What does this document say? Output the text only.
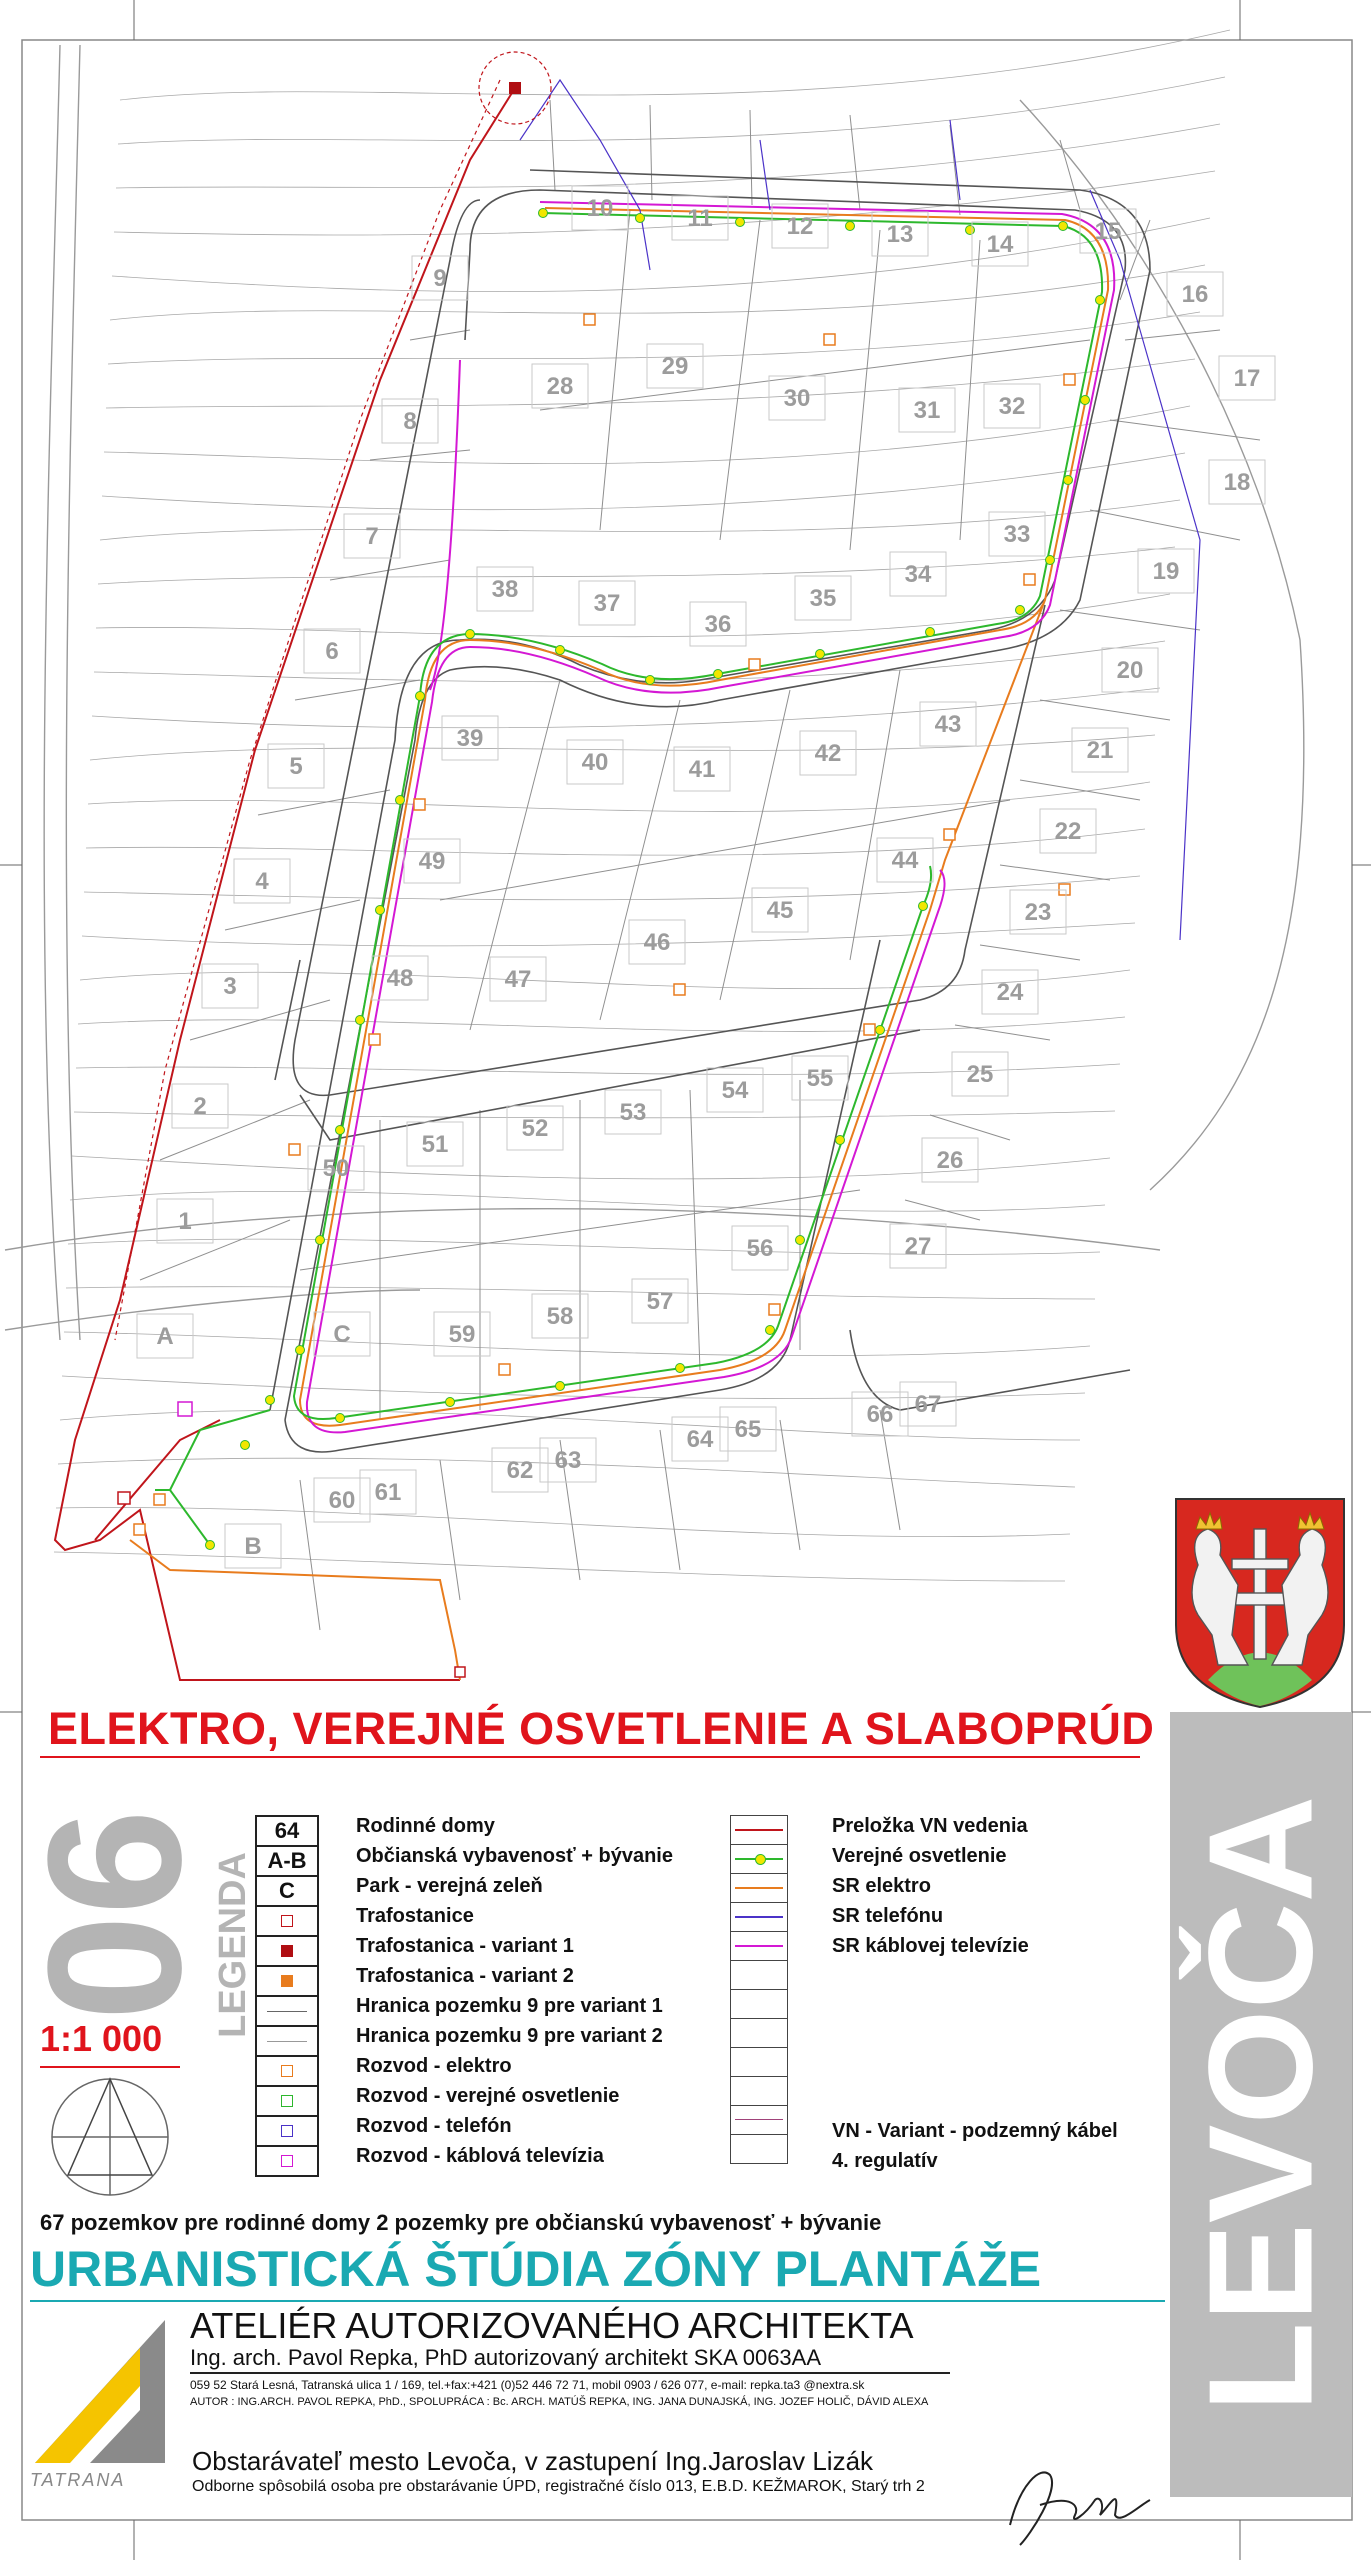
1
2
3
4
5
6
7
8
9
10	11	12	13	14	15
16
17
18
19
20
21
22
23
24
25
26
27
28
29
30	31 32
33
34
35
36
37
38
39
40	41
42
43
44
45
46
47
48
49
50
51
52
53
54 55
56
57
58
59
60 61
62 63
64 65
66 67
A
B
C
LEVOČA
ELEKTRO, VEREJNÉ OSVETLENIE A SLABOPRÚD
06
LEGENDA
1:1 000
64
A-B
C
Rodinné domy
Občianská vybavenosť + bývanie
Park - verejná zeleň
Trafostanice
Trafostanica - variant 1
Trafostanica - variant 2
Hranica pozemku 9 pre variant 1
Hranica pozemku 9 pre variant 2
Rozvod - elektro
Rozvod - verejné osvetlenie
Rozvod - telefón
Rozvod - káblová televízia
Preložka VN vedenia
Verejné osvetlenie
SR elektro
SR telefónu
SR káblovej televízie
VN - Variant - podzemný kábel
4. regulatív
67 pozemkov pre rodinné domy 2 pozemky pre občianskú vybavenosť + bývanie
URBANISTICKÁ ŠTÚDIA ZÓNY PLANTÁŽE
TATRANA
ATELIÉR AUTORIZOVANÉHO ARCHITEKTA
Ing. arch. Pavol Repka, PhD autorizovaný architekt SKA 0063AA
059 52 Stará Lesná, Tatranská ulica 1 / 169, tel.+fax:+421 (0)52 446 72 71, mobil 0903 / 626 077, e-mail: repka.ta3 @nextra.sk
AUTOR : ING.ARCH. PAVOL REPKA, PhD., SPOLUPRÁCA : Bc. ARCH. MATÚŠ REPKA, ING. JANA DUNAJSKÁ, ING. JOZEF HOLIČ, DÁVID ALEXA
Obstarávateľ mesto Levoča, v zastupení Ing.Jaroslav Lizák
Odborne spôsobilá osoba pre obstarávanie ÚPD, registračné číslo 013, E.B.D. KEŽMAROK, Starý trh 2
